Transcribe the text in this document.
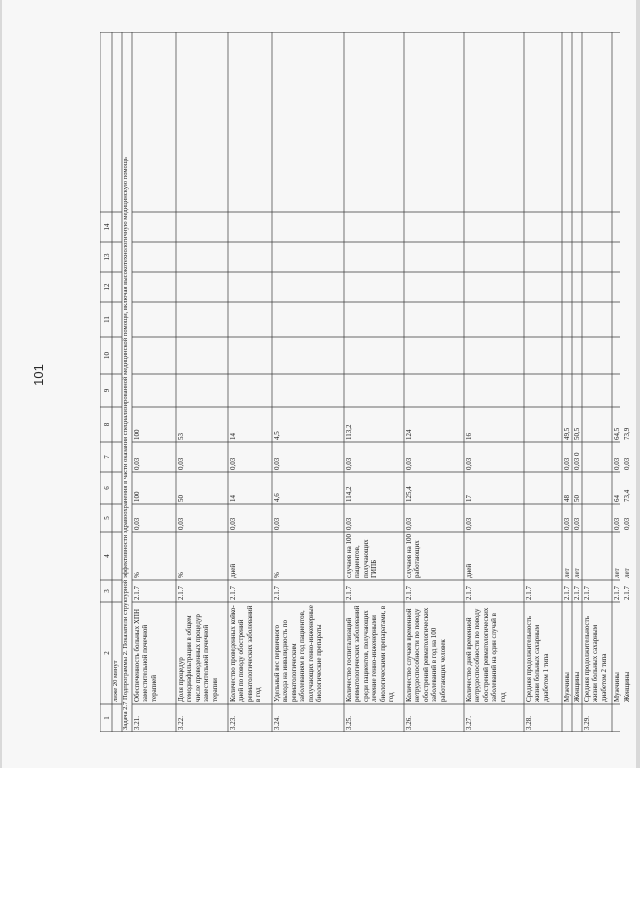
101
1
2
3
4
5
6
7
8
9
10
11
12
13
14
лиже 20 минут Задача 2.7 Подпрограммы 2. Показатели структурной эффективности здравоохранения в части оказания специализированной медицинской помощи, включая высокотехнологичную медицинскую помощь 3.21.
Обеспеченность больных ХПН заместительной почечной терапией
2.1.7
%
0,03
100
0,03
100
3.22.
Доля процедур гемодиафильтрации в общем числе проведенных процедур заместительной почечной терапии
2.1.7
%
0,03
50
0,03
53
3.23.
Количество проведенных койко-дней по поводу обострений ревматологических заболеваний в год
2.1.7
дней
0,03
14
0,03
14
3.24.
Удельный вес первичного выхода на инвалидность по ревматологическим заболеваниям в год пациентов, получающих генно-инженерные биологические препараты
2.1.7
%
0,03
4,6
0,03
4,5
3.25.
Количество госпитализаций ревматологических заболеваний среди пациентов, получающих лечение генно-инженерными биологическими препаратами, в год
2.1.7
случаев на 100 пациентов, получающих ГИПБ
0,03
114,2
0,03
113,2
3.26.
Количество случаев временной нетрудоспособности по поводу обострений ревматологических заболеваний в год на 100 работающих человек
2.1.7
случаев на 100 работающих
0,03
125,4
0,03
124
3.27.
Количество дней временной нетрудоспособности по поводу обострений ревматологических заболеваний на один случай в год
2.1.7
дней
0,03
17
0,03
16
3.28.
Средняя продолжительность жизни больных сахарным диабетом 1 типа
2.1.7
Мужчины
2.1.7
лет
0,03
48
0,03
49,5
Женщины
2.1.7
лет
0,03
50
0,03 0
50,5
3.29.
Средняя продолжительность жизни больных сахарным диабетом 2 типа
2.1.7
Мужчины
2.1.7
лет
0,03
64
0,03
64,5
Женщины
2.1.7
лет
0,03
73,4
0,03
73,9
